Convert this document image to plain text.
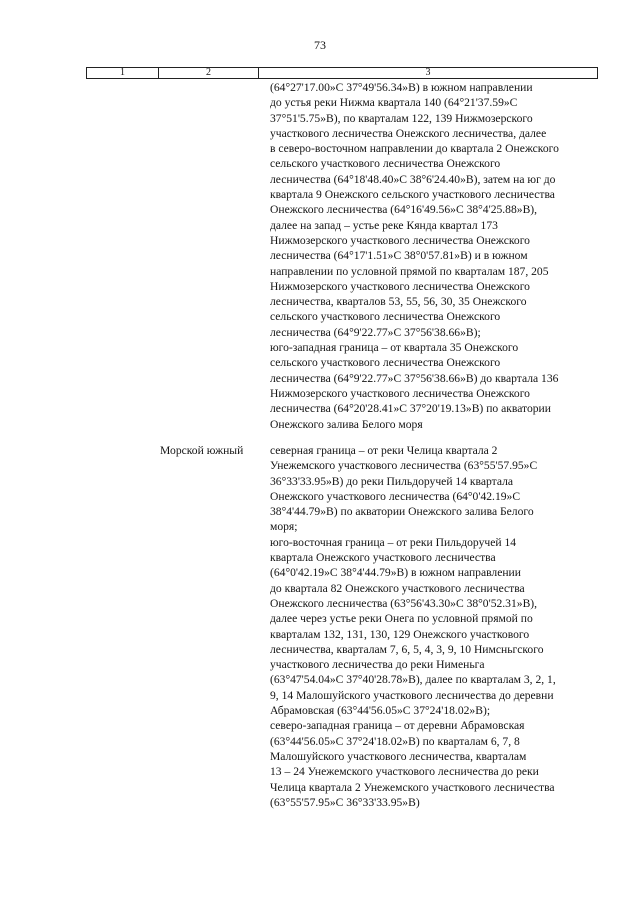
73
1	2	3
(64°27'17.00»С 37°49'56.34»В) в южном направлении
до устья реки Нижма квартала 140 (64°21'37.59»С
37°51'5.75»В), по кварталам 122, 139 Нижмозерского
участкового лесничества Онежского лесничества, далее
в северо-восточном направлении до квартала 2 Онежского
сельского участкового лесничества Онежского
лесничества (64°18'48.40»С 38°6'24.40»В), затем на юг до
квартала 9 Онежского сельского участкового лесничества
Онежского лесничества (64°16'49.56»С 38°4'25.88»В),
далее на запад – устье реке Кянда квартал 173
Нижмозерского участкового лесничества Онежского
лесничества (64°17'1.51»С 38°0'57.81»В) и в южном
направлении по условной прямой по кварталам 187, 205
Нижмозерского участкового лесничества Онежского
лесничества, кварталов 53, 55, 56, 30, 35 Онежского
сельского участкового лесничества Онежского
лесничества (64°9'22.77»С 37°56'38.66»В);
юго-западная граница – от квартала 35 Онежского
сельского участкового лесничества Онежского
лесничества (64°9'22.77»С 37°56'38.66»В) до квартала 136
Нижмозерского участкового лесничества Онежского
лесничества (64°20'28.41»С 37°20'19.13»В) по акватории
Онежского залива Белого моря
Морской южный северная граница – от реки Челица квартала 2
Унежемского участкового лесничества (63°55'57.95»С
36°33'33.95»В) до реки Пильдоручей 14 квартала
Онежского участкового лесничества (64°0'42.19»С
38°4'44.79»В) по акватории Онежского залива Белого
моря;
юго-восточная граница – от реки Пильдоручей 14
квартала Онежского участкового лесничества
(64°0'42.19»С 38°4'44.79»В) в южном направлении
до квартала 82 Онежского участкового лесничества
Онежского лесничества (63°56'43.30»С 38°0'52.31»В),
далее через устье реки Онега по условной прямой по
кварталам 132, 131, 130, 129 Онежского участкового
лесничества, кварталам 7, 6, 5, 4, 3, 9, 10 Нимсньгского
участкового лесничества до реки Нименьга
(63°47'54.04»С 37°40'28.78»В), далее по кварталам 3, 2, 1,
9, 14 Малошуйского участкового лесничества до деревни
Абрамовская (63°44'56.05»С 37°24'18.02»В);
северо-западная граница – от деревни Абрамовская
(63°44'56.05»С 37°24'18.02»В) по кварталам 6, 7, 8
Малошуйского участкового лесничества, кварталам
13 – 24 Унежемского участкового лесничества до реки
Челица квартала 2 Унежемского участкового лесничества
(63°55'57.95»С 36°33'33.95»В)
